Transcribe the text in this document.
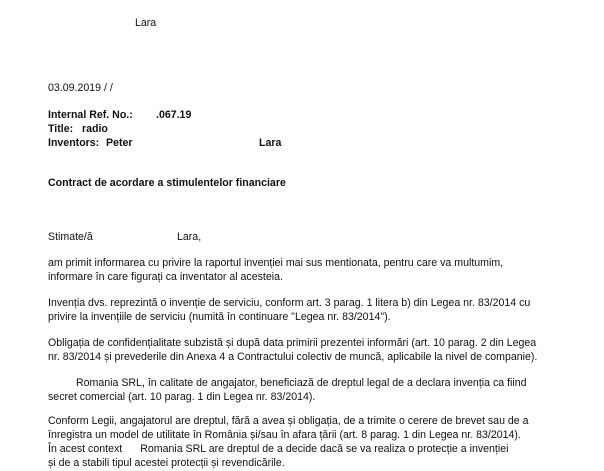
Lara
03.09.2019 / /
Internal Ref. No.: .067.19
Title: radio
Inventors: Peter	Lara
Contract de acordare a stimulentelor financiare
Stimate/ă	Lara,
am primit informarea cu privire la raportul invenției mai sus mentionata, pentru care va multumim,
informare în care figurați ca inventator al acesteia.
Invenția dvs. reprezintă o invenție de serviciu, conform art. 3 parag. 1 litera b) din Legea nr. 83/2014 cu
privire la invențiile de serviciu (numită în continuare "Legea nr. 83/2014").
Obligația de confidențialitate subzistă și după data primirii prezentei informări (art. 10 parag. 2 din Legea
nr. 83/2014 și prevederile din Anexa 4 a Contractului colectiv de muncă, aplicabile la nivel de companie).
Romania SRL, în calitate de angajator, beneficiază de dreptul legal de a declara invenția ca fiind
secret comercial (art. 10 parag. 1 din Legea nr. 83/2014).
Conform Legii, angajatorul are dreptul, fără a avea și obligația, de a trimite o cerere de brevet sau de a
înregistra un model de utilitate în România și/sau în afara țării (art. 8 parag. 1 din Legea nr. 83/2014).
În acest context Romania SRL are dreptul de a decide dacă se va realiza o protecție a invenției
și de a stabili tipul acestei protecții și revendicările.
